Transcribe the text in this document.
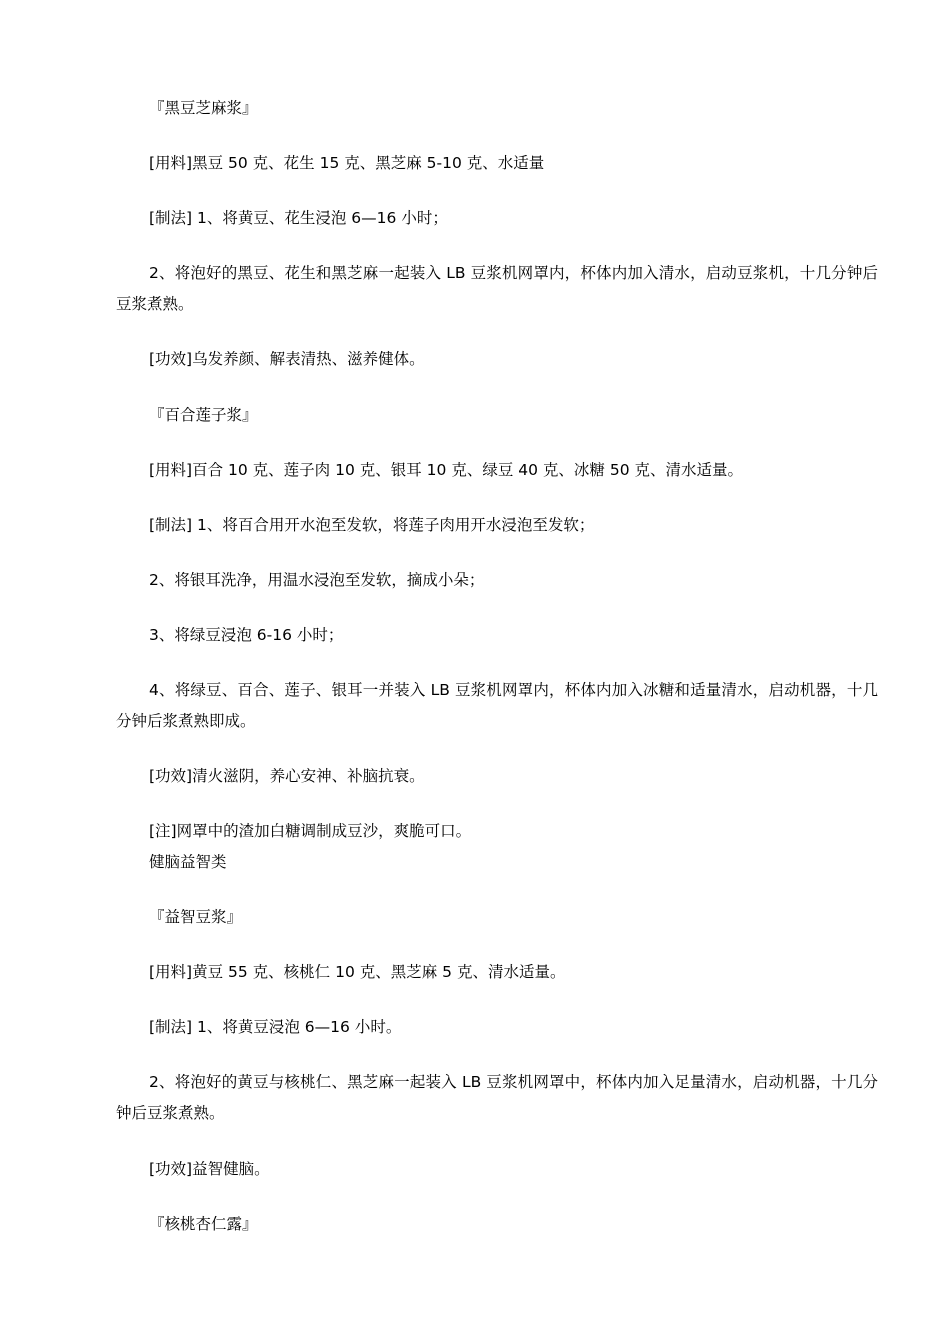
『黑豆芝麻浆』
[用料]黑豆 50 克、花生 15 克、黑芝麻 5-10 克、水适量
[制法] 1、将黄豆、花生浸泡 6—16 小时；
2、将泡好的黑豆、花生和黑芝麻一起装入 LB 豆浆机网罩内，杯体内加入清水，启动豆浆机，十几分钟后豆浆煮熟。
[功效]乌发养颜、解表清热、滋养健体。
『百合莲子浆』
[用料]百合 10 克、莲子肉 10 克、银耳 10 克、绿豆 40 克、冰糖 50 克、清水适量。
[制法] 1、将百合用开水泡至发软，将莲子肉用开水浸泡至发软；
2、将银耳洗净，用温水浸泡至发软，摘成小朵；
3、将绿豆浸泡 6-16 小时；
4、将绿豆、百合、莲子、银耳一并装入 LB 豆浆机网罩内，杯体内加入冰糖和适量清水，启动机器，十几分钟后浆煮熟即成。
[功效]清火滋阴，养心安神、补脑抗衰。
[注]网罩中的渣加白糖调制成豆沙，爽脆可口。
健脑益智类
『益智豆浆』
[用料]黄豆 55 克、核桃仁 10 克、黑芝麻 5 克、清水适量。
[制法] 1、将黄豆浸泡 6—16 小时。
2、将泡好的黄豆与核桃仁、黑芝麻一起装入 LB 豆浆机网罩中，杯体内加入足量清水，启动机器，十几分钟后豆浆煮熟。
[功效]益智健脑。
『核桃杏仁露』
